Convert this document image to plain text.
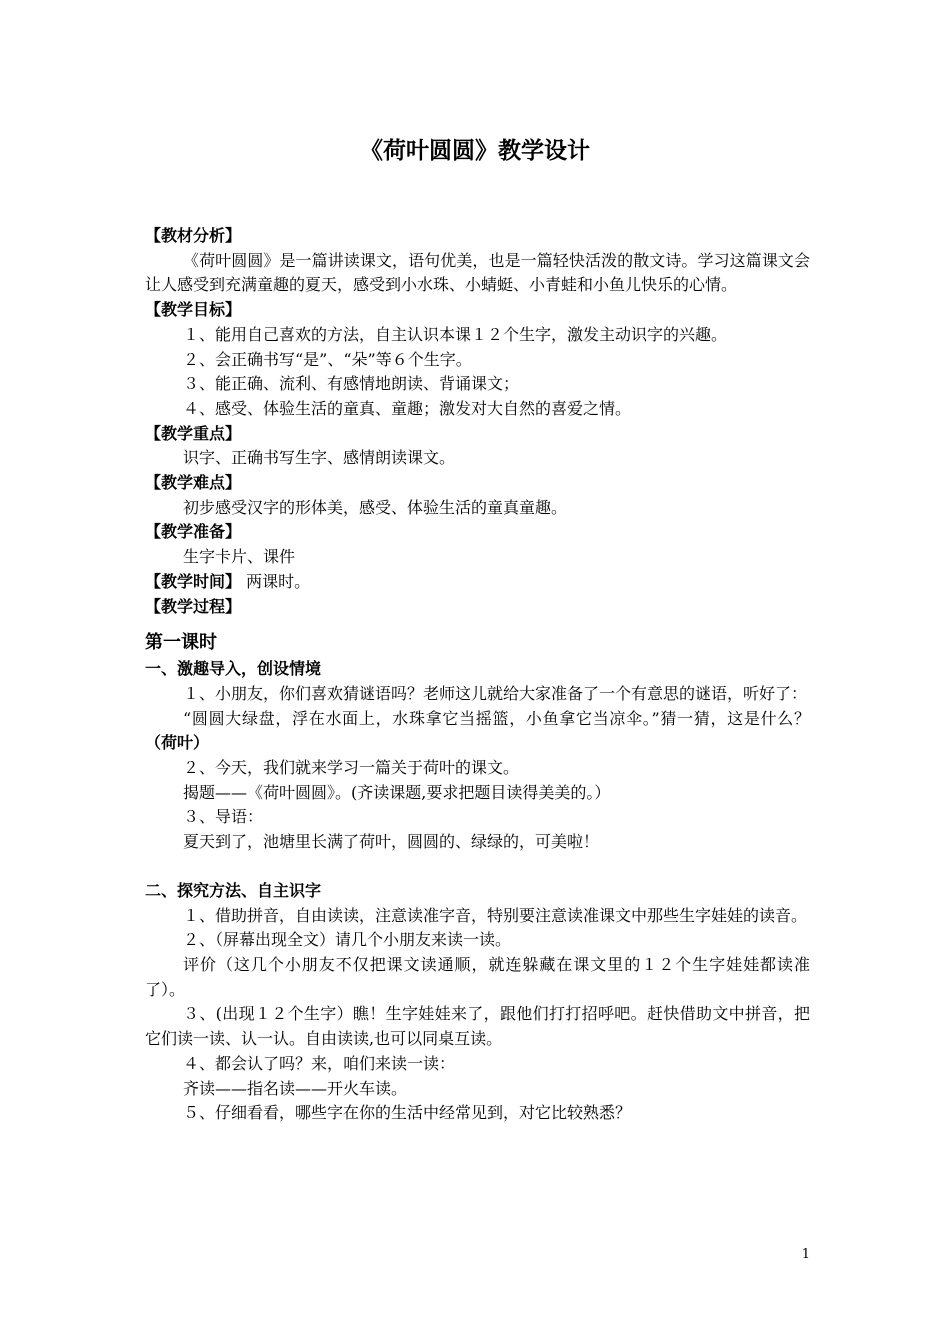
《荷叶圆圆》教学设计
【教材分析】
《荷叶圆圆》是一篇讲读课文，语句优美，也是一篇轻快活泼的散文诗。学习这篇课文会让人感受到充满童趣的夏天，感受到小水珠、小蜻蜓、小青蛙和小鱼儿快乐的心情。
【教学目标】
１、能用自己喜欢的方法，自主认识本课１２个生字，激发主动识字的兴趣。
２、会正确书写“是”、“朵”等６个生字。
３、能正确、流利、有感情地朗读、背诵课文；
４、感受、体验生活的童真、童趣；激发对大自然的喜爱之情。
【教学重点】
识字、正确书写生字、感情朗读课文。
【教学难点】
初步感受汉字的形体美，感受、体验生活的童真童趣。
【教学准备】
生字卡片、课件
【教学时间】 两课时。
【教学过程】
第一课时
一、激趣导入，创设情境
１、小朋友，你们喜欢猜谜语吗？老师这儿就给大家准备了一个有意思的谜语，听好了：
“圆圆大绿盘，浮在水面上，水珠拿它当摇篮，小鱼拿它当凉伞。”猜一猜，这是什么？（荷叶）
２、今天，我们就来学习一篇关于荷叶的课文。
揭题——《荷叶圆圆》。(齐读课题,要求把题目读得美美的。）
３、导语：
夏天到了，池塘里长满了荷叶，圆圆的、绿绿的，可美啦！
二、探究方法、自主识字
１、借助拼音，自由读读，注意读准字音，特别要注意读准课文中那些生字娃娃的读音。
２、（屏幕出现全文）请几个小朋友来读一读。
评价（这几个小朋友不仅把课文读通顺，就连躲藏在课文里的１２个生字娃娃都读准了）。
３、(出现１２个生字）瞧！生字娃娃来了，跟他们打打招呼吧。赶快借助文中拼音，把它们读一读、认一认。自由读读,也可以同桌互读。
４、都会认了吗？来，咱们来读一读：
齐读——指名读——开火车读。
５、仔细看看，哪些字在你的生活中经常见到，对它比较熟悉？
1
